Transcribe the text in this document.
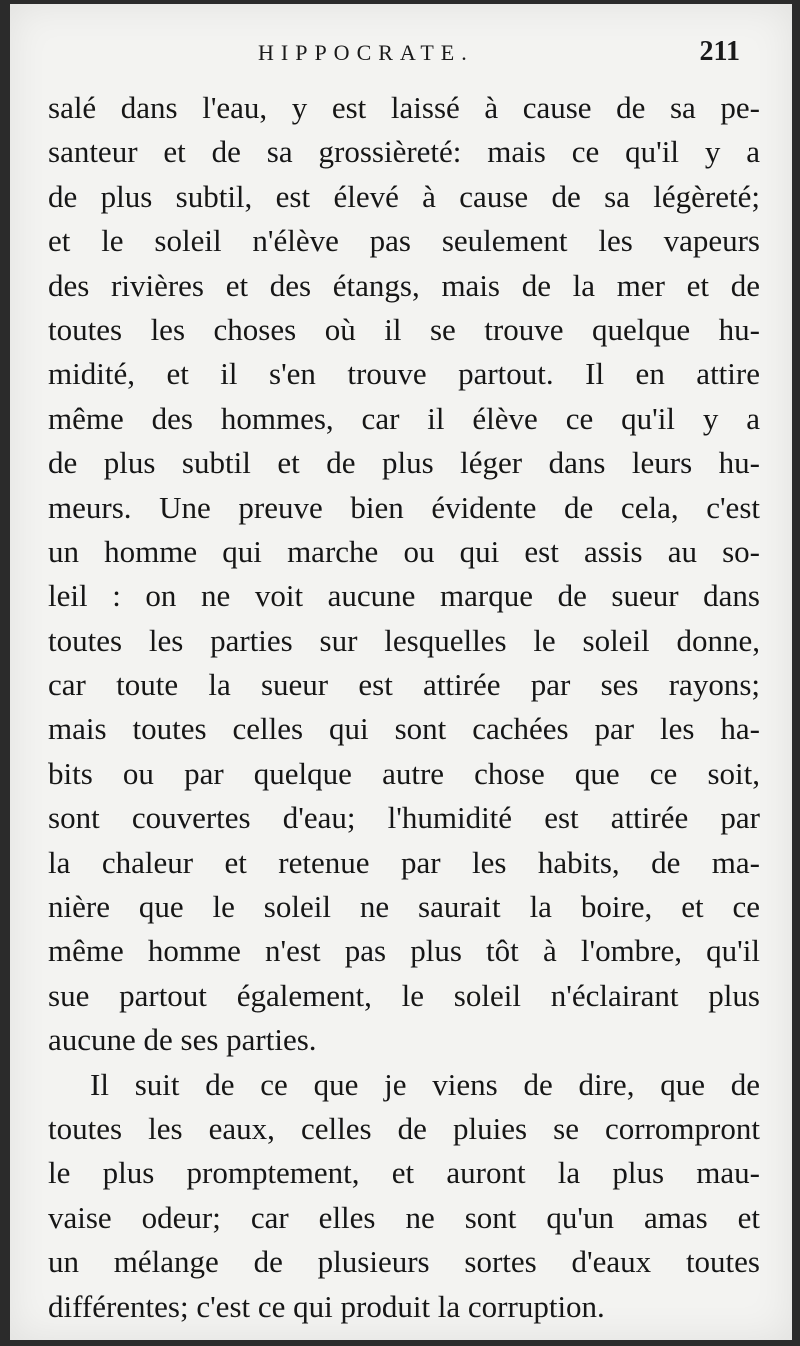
HIPPOCRATE.	211
salé dans l'eau, y est laissé à cause de sa pe-
santeur et de sa grossièreté: mais ce qu'il y a
de plus subtil, est élevé à cause de sa légèreté;
et le soleil n'élève pas seulement les vapeurs
des rivières et des étangs, mais de la mer et de
toutes les choses où il se trouve quelque hu-
midité, et il s'en trouve partout. Il en attire
même des hommes, car il élève ce qu'il y a
de plus subtil et de plus léger dans leurs hu-
meurs. Une preuve bien évidente de cela, c'est
un homme qui marche ou qui est assis au so-
leil : on ne voit aucune marque de sueur dans
toutes les parties sur lesquelles le soleil donne,
car toute la sueur est attirée par ses rayons;
mais toutes celles qui sont cachées par les ha-
bits ou par quelque autre chose que ce soit,
sont couvertes d'eau; l'humidité est attirée par
la chaleur et retenue par les habits, de ma-
nière que le soleil ne saurait la boire, et ce
même homme n'est pas plus tôt à l'ombre, qu'il
sue partout également, le soleil n'éclairant plus
aucune de ses parties.
Il suit de ce que je viens de dire, que de
toutes les eaux, celles de pluies se corrompront
le plus promptement, et auront la plus mau-
vaise odeur; car elles ne sont qu'un amas et
un mélange de plusieurs sortes d'eaux toutes
différentes; c'est ce qui produit la corruption.
